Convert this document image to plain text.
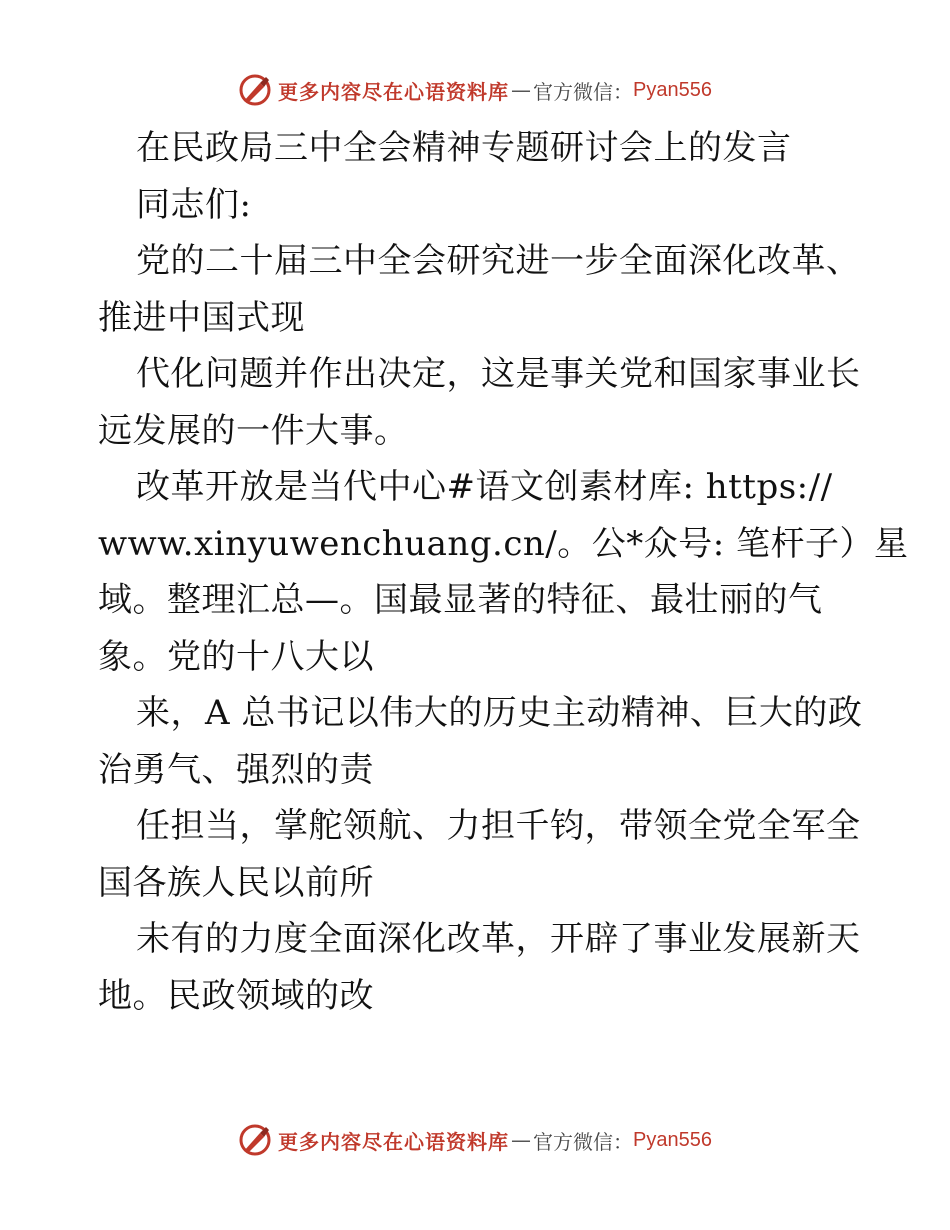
更多内容尽在心语资料库 — 官方微信： Pyan556
在民政局三中全会精神专题研讨会上的发言
同志们:
党的二十届三中全会研究进一步全面深化改革、
推进中国式现
代化问题并作出决定，这是事关党和国家事业长
远发展的一件大事。
改革开放是当代中心#语文创素材库: https://
www.xinyuwenchuang.cn/。公*众号: 笔杆子）星
域。整理汇总—。国最显著的特征、最壮丽的气
象。党的十八大以
来，A 总书记以伟大的历史主动精神、巨大的政
治勇气、强烈的责
任担当，掌舵领航、力担千钧，带领全党全军全
国各族人民以前所
未有的力度全面深化改革，开辟了事业发展新天
地。民政领域的改
更多内容尽在心语资料库 — 官方微信： Pyan556
